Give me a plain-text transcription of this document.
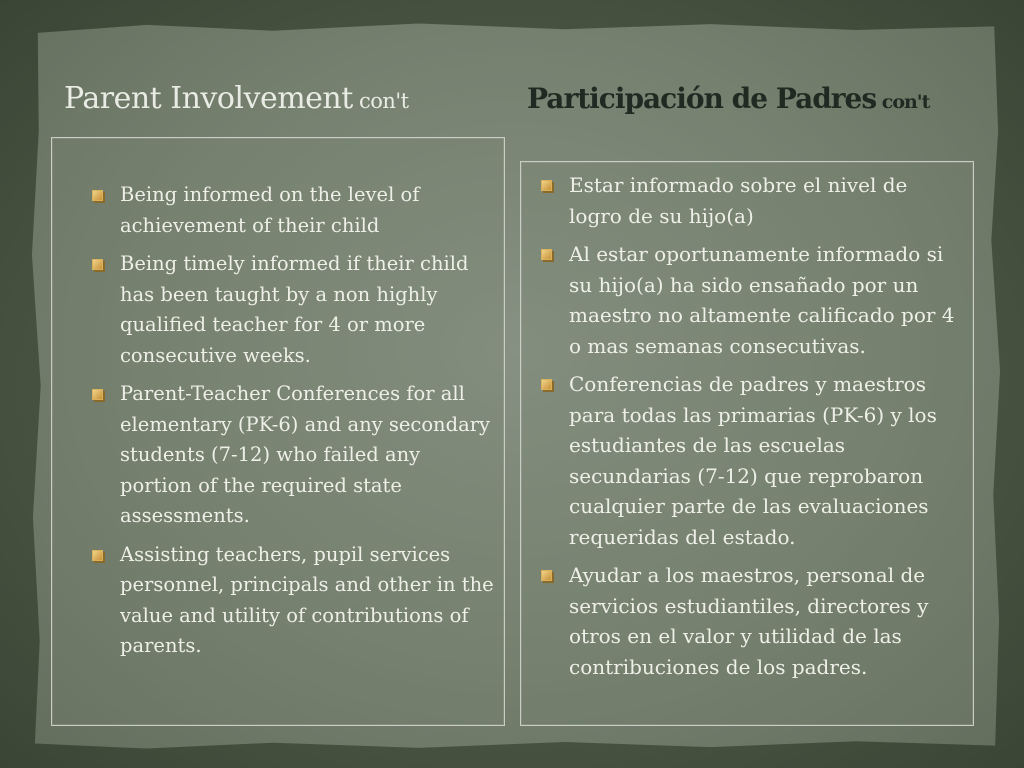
Parent Involvement con't	Participación de Padres con't
Being informed on the level of achievement of their child
Being timely informed if their child has been taught by a non highly qualified teacher for 4 or more consecutive weeks.
Parent-Teacher Conferences for all elementary (PK-6) and any secondary students (7-12) who failed any portion of the required state assessments.
Assisting teachers, pupil services personnel, principals and other in the value and utility of contributions of parents.
Estar informado sobre el nivel de logro de su hijo(a)
Al estar oportunamente informado si su hijo(a) ha sido ensañado por un maestro no altamente calificado por 4 o mas semanas consecutivas.
Conferencias de padres y maestros para todas las primarias (PK-6) y los estudiantes de las escuelas secundarias (7-12) que reprobaron cualquier parte de las evaluaciones requeridas del estado.
Ayudar a los maestros, personal de servicios estudiantiles, directores y otros en el valor y utilidad de las contribuciones de los padres.
